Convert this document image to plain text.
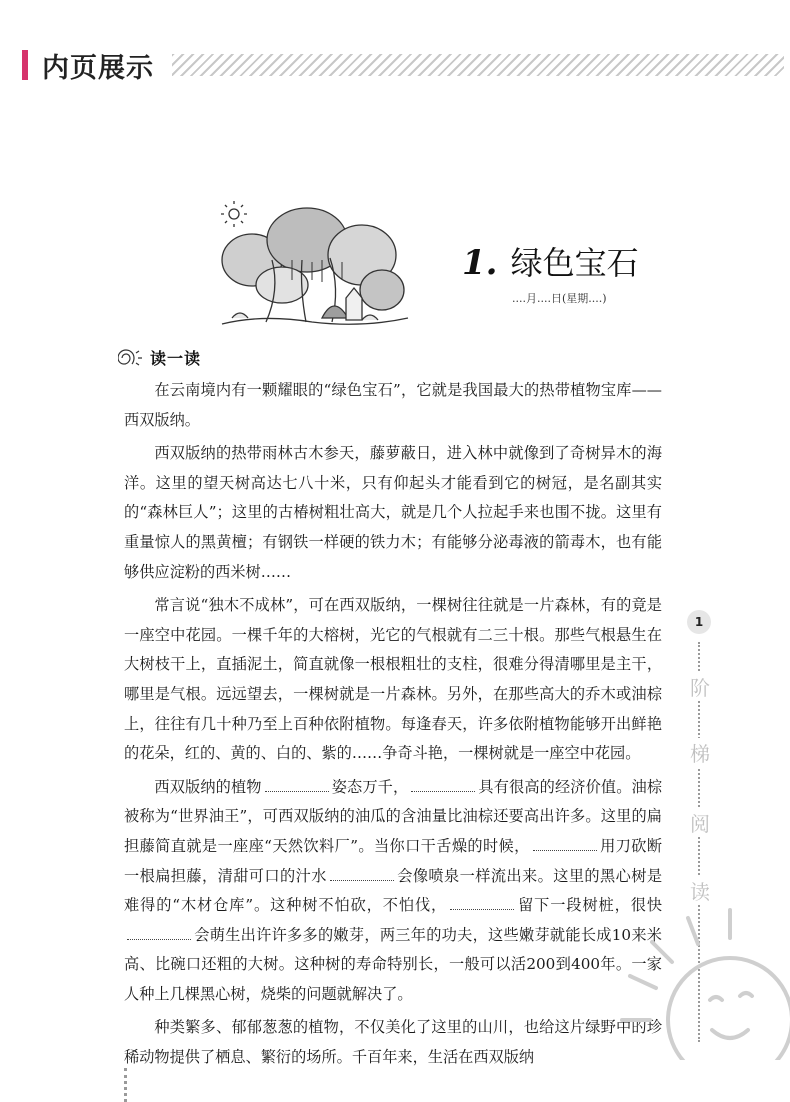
内页展示
1. 绿色宝石
....月....日(星期....)
读一读

在云南境内有一颗耀眼的“绿色宝石”，它就是我国最大的热带植物宝库——西双版纳。

西双版纳的热带雨林古木参天，藤萝蔽日，进入林中就像到了奇树异木的海洋。这里的望天树高达七八十米，只有仰起头才能看到它的树冠，是名副其实的“森林巨人”；这里的古椿树粗壮高大，就是几个人拉起手来也围不拢。这里有重量惊人的黑黄檀；有钢铁一样硬的铁力木；有能够分泌毒液的箭毒木，也有能够供应淀粉的西米树……

常言说“独木不成林”，可在西双版纳，一棵树往往就是一片森林，有的竟是一座空中花园。一棵千年的大榕树，光它的气根就有二三十根。那些气根悬生在大树枝干上，直插泥土，简直就像一根根粗壮的支柱，很难分得清哪里是主干，哪里是气根。远远望去，一棵树就是一片森林。另外，在那些高大的乔木或油棕上，往往有几十种乃至上百种依附植物。每逢春天，许多依附植物能够开出鲜艳的花朵，红的、黄的、白的、紫的……争奇斗艳，一棵树就是一座空中花园。

西双版纳的植物	姿态万千，	具有很高的经济价值。油棕被称为“世界油王”，可西双版纳的油瓜的含油量比油棕还要高出许多。这里的扁担藤简直就是一座座“天然饮料厂”。当你口干舌燥的时候，	用刀砍断一根扁担藤，清甜可口的汁水	会像喷泉一样流出来。这里的黑心树是难得的“木材仓库”。这种树不怕砍，不怕伐，	留下一段树桩，很快会萌生出许许多多的嫩芽，两三年的功夫，这些嫩芽就能长成10来米高、比碗口还粗的大树。这种树的寿命特别长，一般可以活200到400年。一家人种上几棵黑心树，烧柴的问题就解决了。

种类繁多、郁郁葱葱的植物，不仅美化了这里的山川，也给这片绿野中的珍稀动物提供了栖息、繁衍的场所。千百年来，生活在西双版纳

1
阶
梯
阅
读
